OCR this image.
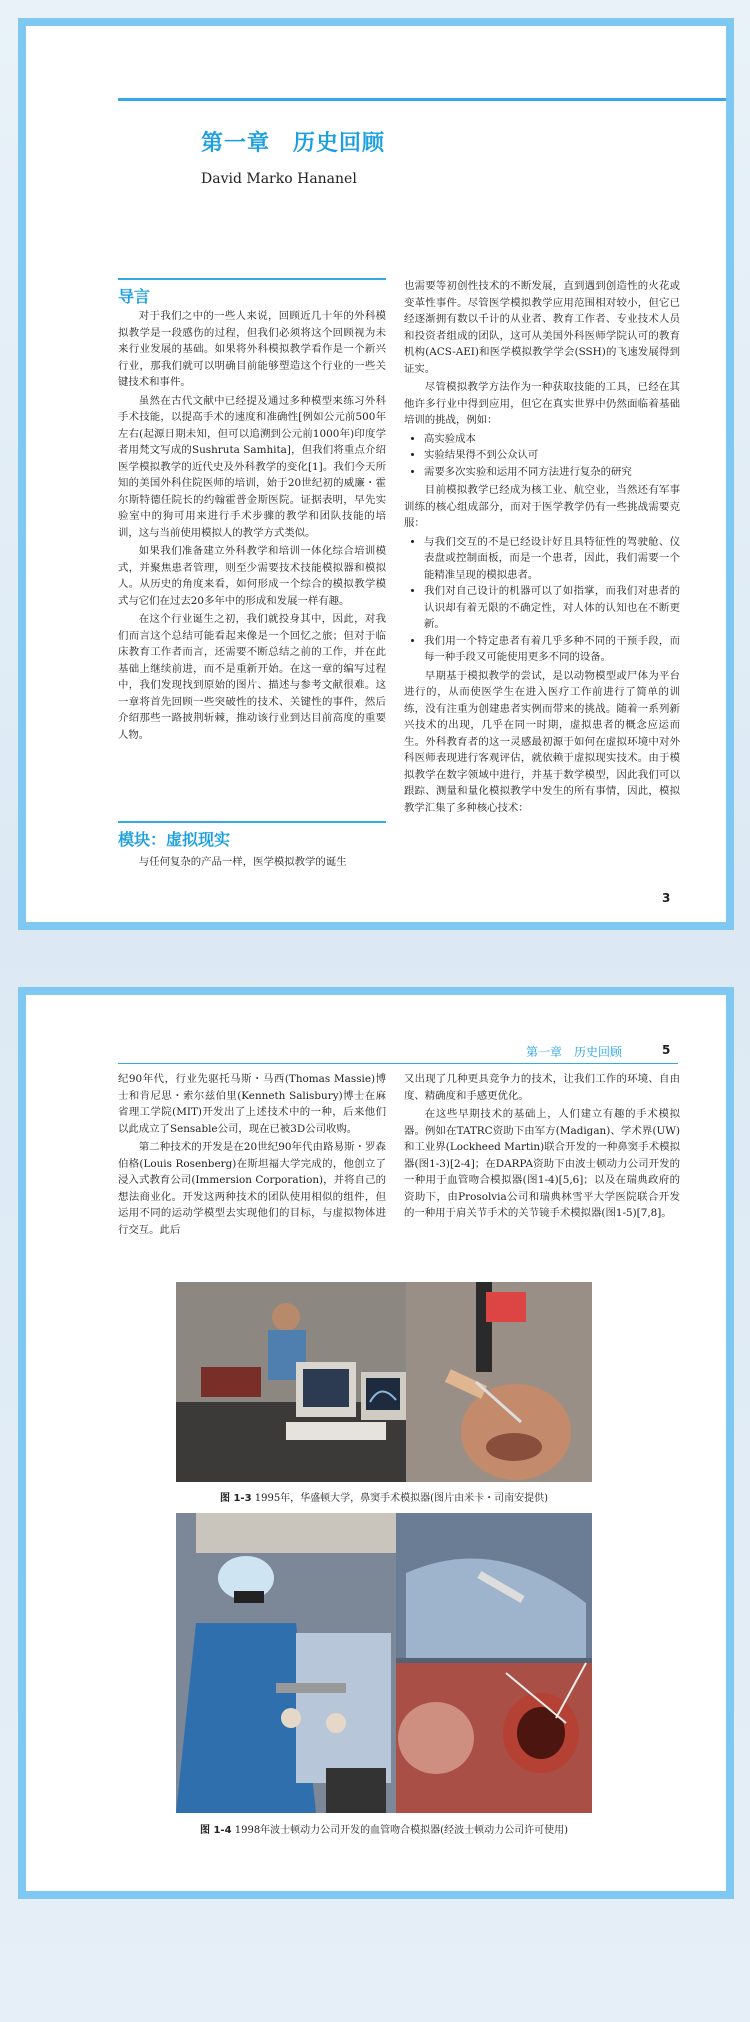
第一章　历史回顾
David Marko Hananel
导言

对于我们之中的一些人来说，回顾近几十年的外科模拟教学是一段感伤的过程，但我们必须将这个回顾视为未来行业发展的基础。如果将外科模拟教学看作是一个新兴行业，那我们就可以明确目前能够塑造这个行业的一些关键技术和事件。

虽然在古代文献中已经提及通过多种模型来练习外科手术技能，以提高手术的速度和准确性[例如公元前500年左右(起源日期未知，但可以追溯到公元前1000年)印度学者用梵文写成的Sushruta Samhita]，但我们将重点介绍医学模拟教学的近代史及外科教学的变化[1]。我们今天所知的美国外科住院医师的培训，始于20世纪初的威廉・霍尔斯特德任院长的约翰霍普金斯医院。证据表明，早先实验室中的狗可用来进行手术步骤的教学和团队技能的培训，这与当前使用模拟人的教学方式类似。

如果我们准备建立外科教学和培训一体化综合培训模式，并聚焦患者管理，则至少需要技术技能模拟器和模拟人。从历史的角度来看，如何形成一个综合的模拟教学模式与它们在过去20多年中的形成和发展一样有趣。

在这个行业诞生之初，我们就投身其中，因此，对我们而言这个总结可能看起来像是一个回忆之旅；但对于临床教育工作者而言，还需要不断总结之前的工作，并在此基础上继续前进，而不是重新开始。在这一章的编写过程中，我们发现找到原始的图片、描述与参考文献很难。这一章将首先回顾一些突破性的技术、关键性的事件，然后介绍那些一路披荆斩棘，推动该行业到达目前高度的重要人物。

模块：虚拟现实

与任何复杂的产品一样，医学模拟教学的诞生

也需要等初创性技术的不断发展，直到遇到创造性的火花或变革性事件。尽管医学模拟教学应用范围相对较小，但它已经逐渐拥有数以千计的从业者、教育工作者、专业技术人员和投资者组成的团队，这可从美国外科医师学院认可的教育机构(ACS-AEI)和医学模拟教学学会(SSH)的飞速发展得到证实。

尽管模拟教学方法作为一种获取技能的工具，已经在其他许多行业中得到应用，但它在真实世界中仍然面临着基础培训的挑战，例如：

• 高实验成本
• 实验结果得不到公众认可
• 需要多次实验和运用不同方法进行复杂的研究

目前模拟教学已经成为核工业、航空业，当然还有军事训练的核心组成部分，而对于医学教学仍有一些挑战需要克服：

• 与我们交互的不是已经设计好且具特征性的驾驶舱、仪表盘或控制面板，而是一个患者，因此，我们需要一个能精准呈现的模拟患者。
• 我们对自己设计的机器可以了如指掌，而我们对患者的认识却有着无限的不确定性，对人体的认知也在不断更新。
• 我们用一个特定患者有着几乎多种不同的干预手段，而每一种手段又可能使用更多不同的设备。

早期基于模拟教学的尝试，是以动物模型或尸体为平台进行的，从而使医学生在进入医疗工作前进行了简单的训练，没有注重为创建患者实例而带来的挑战。随着一系列新兴技术的出现，几乎在同一时期，虚拟患者的概念应运而生。外科教育者的这一灵感最初源于如何在虚拟环境中对外科医师表现进行客观评估，就依赖于虚拟现实技术。由于模拟教学在数字领域中进行，并基于数学模型，因此我们可以跟踪、测量和量化模拟教学中发生的所有事情，因此，模拟教学汇集了多种核心技术：

3
第一章　历史回顾	5

纪90年代，行业先驱托马斯・马西(Thomas Massie)博士和肯尼思・索尔兹伯里(Kenneth Salisbury)博士在麻省理工学院(MIT)开发出了上述技术中的一种，后来他们以此成立了Sensable公司，现在已被3D公司收购。

第二种技术的开发是在20世纪90年代由路易斯・罗森伯格(Louis Rosenberg)在斯坦福大学完成的，他创立了浸入式教育公司(Immersion Corporation)，并将自己的想法商业化。开发这两种技术的团队使用相似的组件，但运用不同的运动学模型去实现他们的目标，与虚拟物体进行交互。此后

又出现了几种更具竞争力的技术，让我们工作的环境、自由度、精确度和手感更优化。

在这些早期技术的基础上，人们建立有趣的手术模拟器。例如在TATRC资助下由军方(Madigan)、学术界(UW)和工业界(Lockheed Martin)联合开发的一种鼻窦手术模拟器(图1-3)[2-4]；在DARPA资助下由波士顿动力公司开发的一种用于血管吻合模拟器(图1-4)[5,6]；以及在瑞典政府的资助下，由Prosolvia公司和瑞典林雪平大学医院联合开发的一种用于肩关节手术的关节镜手术模拟器(图1-5)[7,8]。

图 1-3 1995年，华盛顿大学，鼻窦手术模拟器(图片由米卡・司南安提供)
图 1-4 1998年波士顿动力公司开发的血管吻合模拟器(经波士顿动力公司许可使用)
